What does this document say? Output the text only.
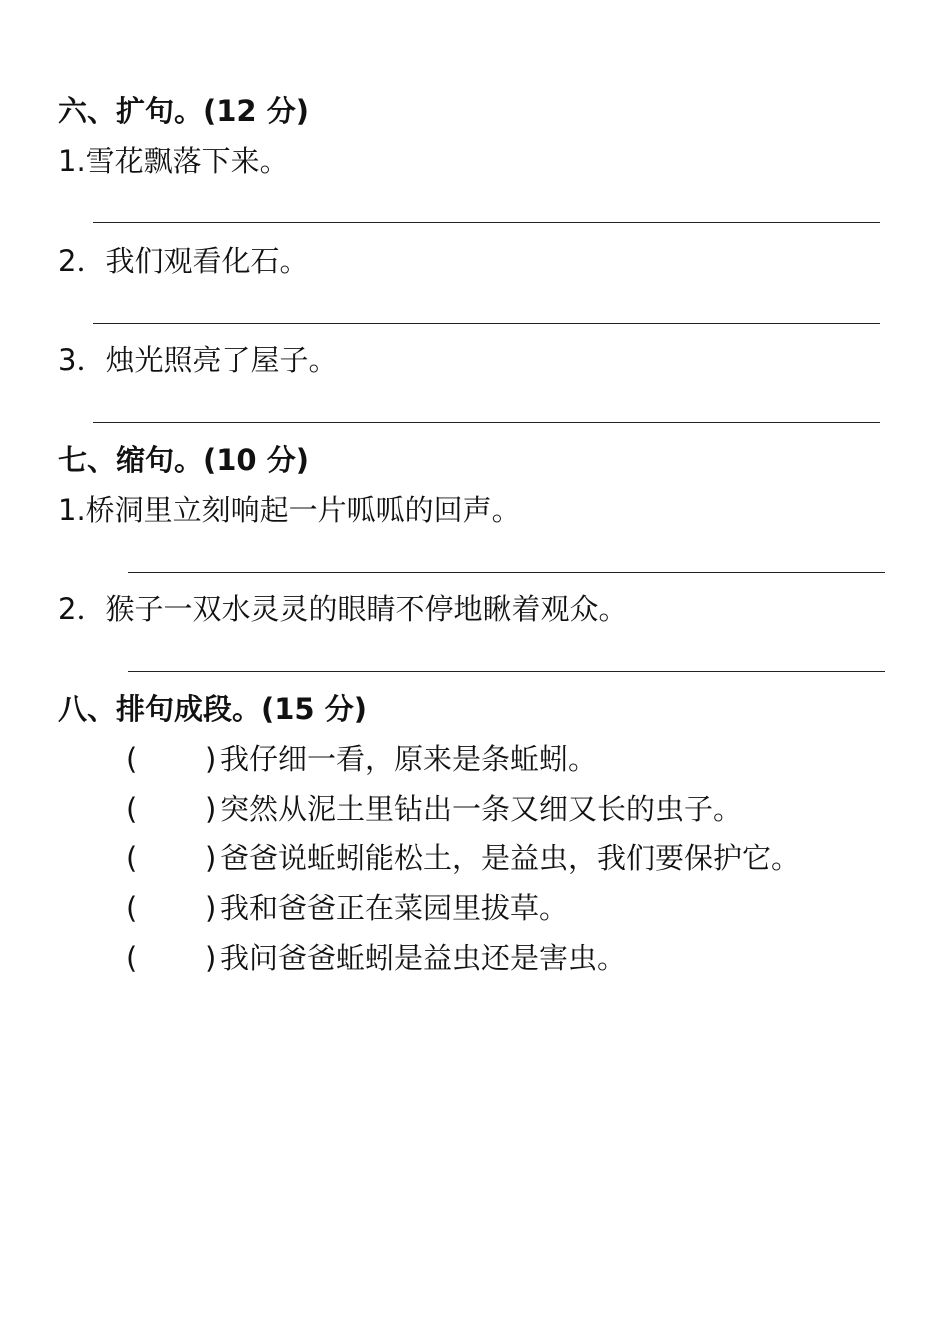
六、扩句。(12 分)
1.雪花飘落下来。
2．我们观看化石。
3．烛光照亮了屋子。
七、缩句。(10 分)
1.桥洞里立刻响起一片呱呱的回声。
2．猴子一双水灵灵的眼睛不停地瞅着观众。
八、排句成段。(15 分)
( ) 我仔细一看，原来是条蚯蚓。
( ) 突然从泥土里钻出一条又细又长的虫子。
( ) 爸爸说蚯蚓能松土，是益虫，我们要保护它。
( ) 我和爸爸正在菜园里拔草。
( ) 我问爸爸蚯蚓是益虫还是害虫。
